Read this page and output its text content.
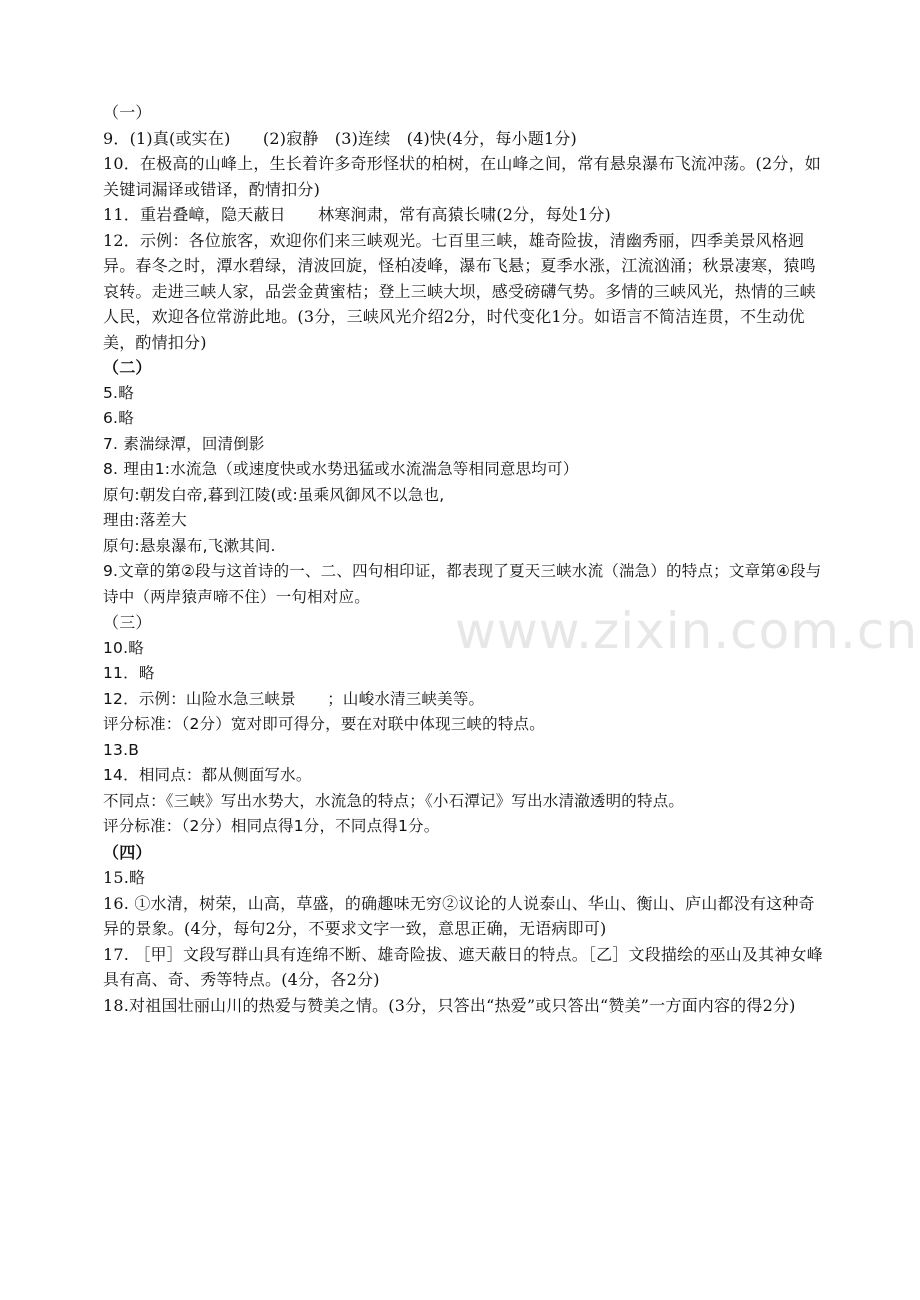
www.zixin.com.cn
（一）
9．(1)真(或实在)　　(2)寂静　(3)连续　(4)快(4分，每小题1分)
10．在极高的山峰上，生长着许多奇形怪状的柏树，在山峰之间，常有悬泉瀑布飞流冲荡。(2分，如关键词漏译或错译，酌情扣分)
11．重岩叠嶂，隐天蔽日　　林寒涧肃，常有高猿长啸(2分，每处1分)
12．示例：各位旅客，欢迎你们来三峡观光。七百里三峡，雄奇险拔，清幽秀丽，四季美景风格迥异。春冬之时，潭水碧绿，清波回旋，怪柏凌峰，瀑布飞悬；夏季水涨，江流汹涌；秋景凄寒，猿鸣哀转。走进三峡人家，品尝金黄蜜桔；登上三峡大坝，感受磅礴气势。多情的三峡风光，热情的三峡人民，欢迎各位常游此地。(3分，三峡风光介绍2分，时代变化1分。如语言不简洁连贯，不生动优美，酌情扣分)
（二）
5.略
6.略
7. 素湍绿潭，回清倒影
8. 理由1:水流急（或速度快或水势迅猛或水流湍急等相同意思均可）
原句:朝发白帝,暮到江陵(或:虽乘风御风不以急也,
理由:落差大
原句:悬泉瀑布,飞漱其间.
9.文章的第②段与这首诗的一、二、四句相印证，都表现了夏天三峡水流（湍急）的特点；文章第④段与诗中（两岸猿声啼不住）一句相对应。
（三）
10.略
11．略
12．示例：山险水急三峡景　　；山峻水清三峡美等。
评分标准：（2分）宽对即可得分，要在对联中体现三峡的特点。
13.B
14．相同点：都从侧面写水。
不同点：《三峡》写出水势大，水流急的特点；《小石潭记》写出水清澈透明的特点。
评分标准：（2分）相同点得1分，不同点得1分。
（四）
15.略
16. ①水清，树荣，山高，草盛，的确趣味无穷②议论的人说泰山、华山、衡山、庐山都没有这种奇异的景象。(4分，每句2分，不要求文字一致，意思正确，无语病即可)
17. ［甲］文段写群山具有连绵不断、雄奇险拔、遮天蔽日的特点。［乙］文段描绘的巫山及其神女峰具有高、奇、秀等特点。(4分，各2分)
18.对祖国壮丽山川的热爱与赞美之情。(3分，只答出“热爱”或只答出“赞美”一方面内容的得2分)
